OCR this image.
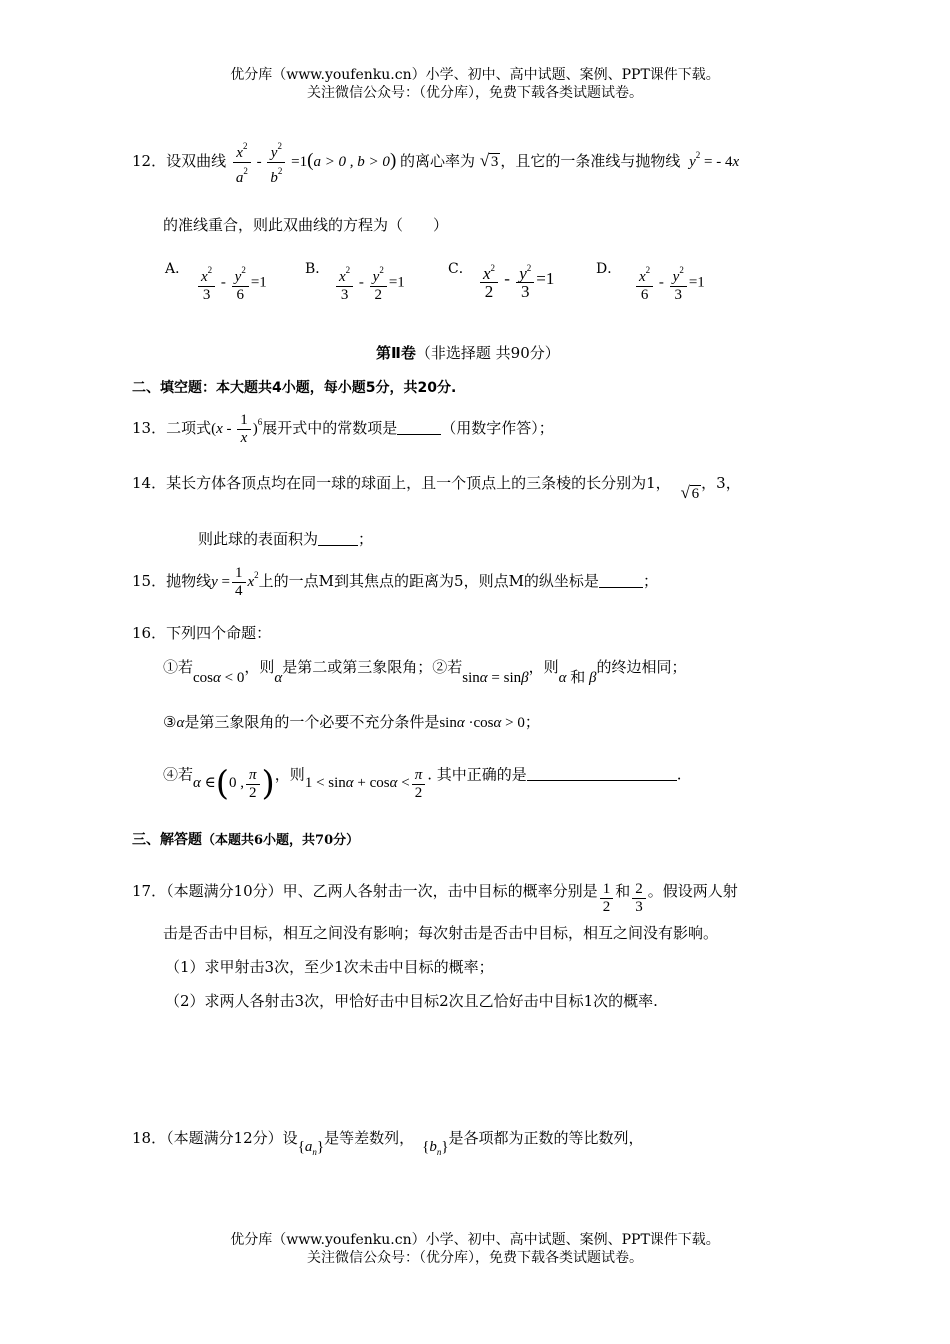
优分库（www.youfenku.cn）小学、初中、高中试题、案例、PPT课件下载。
关注微信公众号：（优分库），免费下载各类试题试卷。
12．设双曲线 $\frac{x^2}{a^2} - \frac{y^2}{b^2} =1(a > 0$ , b > 0) 的离心率为 √ 3 ，且它的一条准线与抛物线 $y^2$ = - 4x
的准线重合，则此双曲线的方程为（　　）
A． $\frac{x^2}{3} - \frac{y^2}{6} =1$
B． $\frac{x^2}{3} - \frac{y^2}{2} =1$
C． $\frac{x^2}{2} - \frac{y^2}{3} =1$	D． $\frac{x^2}{6} - \frac{y^2}{3} =1$
第Ⅱ卷（非选择题 共90分）
二、填空题：本大题共4小题，每小题5分，共20分.
13．二项式$(x - \frac{1}{x} )^6$展开式中的常数项是	（用数字作答）；
14．某长方体各顶点均在同一球的球面上，且一个顶点上的三条棱的长分别为1， √ 6，3，
则此球的表面积为	；
15．抛物线$y = \frac{1}{4} x^2$上的一点M到其焦点的距离为5，则点M的纵坐标是	；
16．下列四个命题：
①若cosα < 0，则α是第二或第三象限角；②若sinα = sinβ，则α 和 β的终边相同；
③α是第三象限角的一个必要不充分条件是sinα ·cosα > 0；
④若α ∈(0 , $\frac{\pi}{2}$ )，则$1 < \sin\alpha + \cos\alpha < \frac{\pi}{2}$ . 其中正确的是	.
三、解答题（本题共6小题，共70分）
17．（本题满分10分）甲、乙两人各射击一次，击中目标的概率分别是 $\frac{1}{2}$ 和 $\frac{2}{3}$ 。假设两人射
击是否击中目标，相互之间没有影响；每次射击是否击中目标，相互之间没有影响。
（1）求甲射击3次，至少1次未击中目标的概率；
（2）求两人各射击3次，甲恰好击中目标2次且乙恰好击中目标1次的概率.
18．（本题满分12分）设$\{a_n\}$是等差数列， $\{b_n\}$是各项都为正数的等比数列，
优分库（www.youfenku.cn）小学、初中、高中试题、案例、PPT课件下载。
关注微信公众号：（优分库），免费下载各类试题试卷。
